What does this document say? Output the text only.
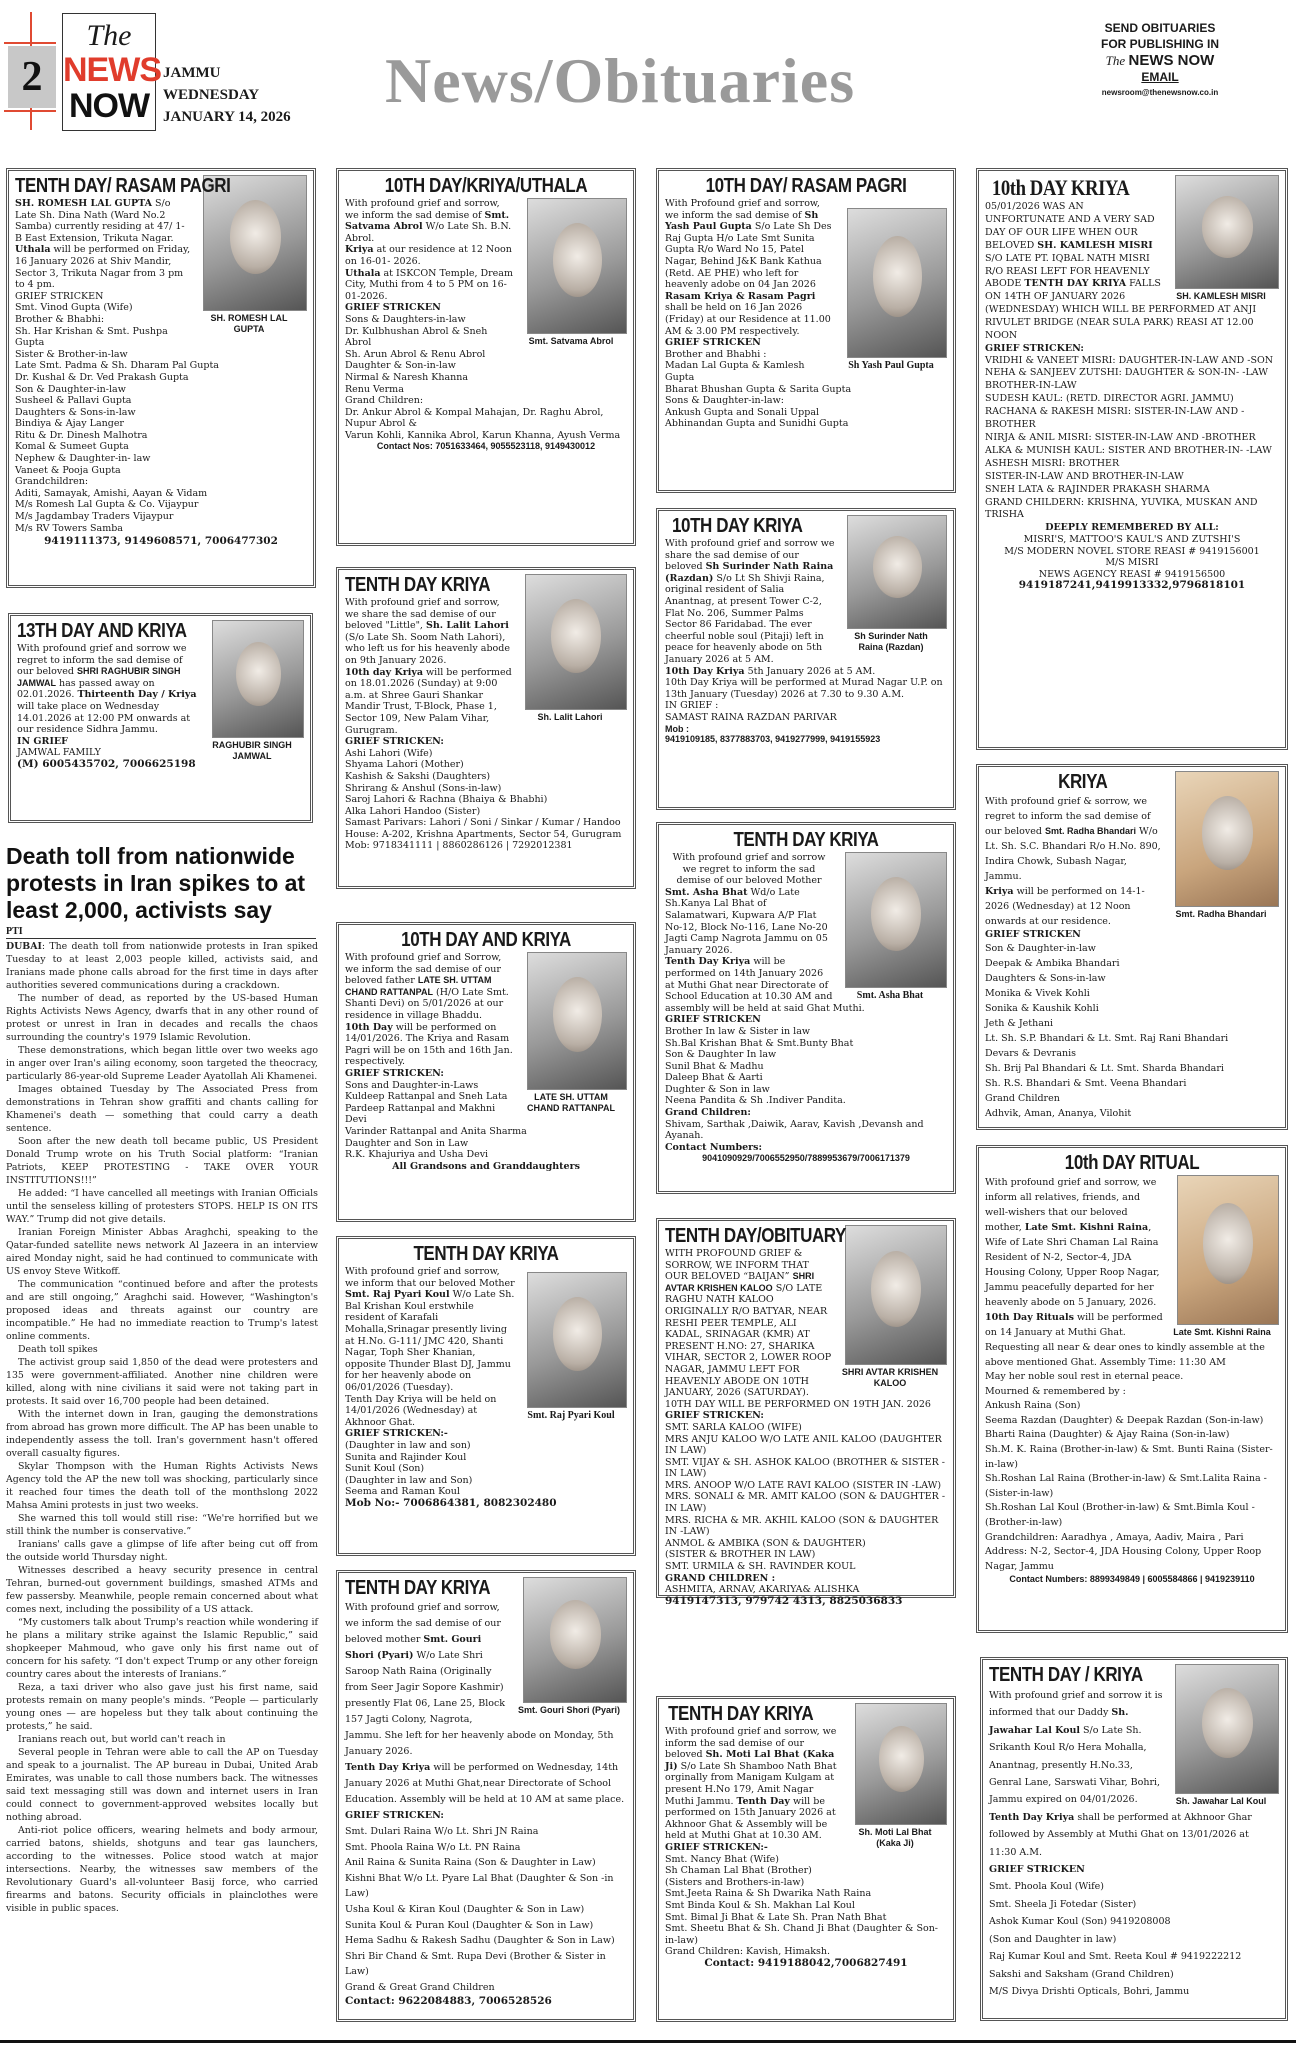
2
The
NEWS
NOW
JAMMU
WEDNESDAY
JANUARY 14, 2026
News/Obituaries
SEND OBITUARIES
FOR PUBLISHING IN
The NEWS NOW
EMAIL
newsroom@thenewsnow.co.in
SH. ROMESH LAL GUPTA
TENTH DAY/ RASAM PAGRI
SH. ROMESH LAL GUPTA S/o Late Sh. Dina Nath (Ward No.2 Samba) currently residing at 47/ 1-B East Extension, Trikuta Nagar. Uthala will be performed on Friday, 16 January 2026 at Shiv Mandir, Sector 3, Trikuta Nagar from 3 pm to 4 pm.
GRIEF STRICKEN
Smt. Vinod Gupta (Wife)
Brother & Bhabhi:
Sh. Har Krishan & Smt. Pushpa Gupta
Sister & Brother-in-law
Late Smt. Padma & Sh. Dharam Pal Gupta
Dr. Kushal & Dr. Ved Prakash Gupta
Son & Daughter-in-law
Susheel & Pallavi Gupta
Daughters & Sons-in-law
Bindiya & Ajay Langer
Ritu & Dr. Dinesh Malhotra
Komal & Sumeet Gupta
Nephew & Daughter-in- law
Vaneet & Pooja Gupta
Grandchildren:
Aditi, Samayak, Amishi, Aayan & Vidam
M/s Romesh Lal Gupta & Co. Vijaypur
M/s Jagdambay Traders Vijaypur
M/s RV Towers Samba
9419111373, 9149608571, 7006477302
RAGHUBIR SINGH JAMWAL
13TH DAY AND KRIYA
With profound grief and sorrow we regret to inform the sad demise of our beloved SHRI RAGHUBIR SINGH JAMWAL has passed away on 02.01.2026. Thirteenth Day / Kriya will take place on Wednesday 14.01.2026 at 12:00 PM onwards at our residence Sidhra Jammu.
IN GRIEF
JAMWAL FAMILY
(M) 6005435702, 7006625198
Death toll from nationwide protests in Iran spikes to at least 2,000, activists say
PTI

DUBAI: The death toll from nationwide protests in Iran spiked Tuesday to at least 2,003 people killed, activists said, and Iranians made phone calls abroad for the first time in days after authorities severed communications during a crackdown.

The number of dead, as reported by the US-based Human Rights Activists News Agency, dwarfs that in any other round of protest or unrest in Iran in decades and recalls the chaos surrounding the country's 1979 Islamic Revolution.

These demonstrations, which began little over two weeks ago in anger over Iran's ailing economy, soon targeted the theocracy, particularly 86-year-old Supreme Leader Ayatollah Ali Khamenei.

Images obtained Tuesday by The Associated Press from demonstrations in Tehran show graffiti and chants calling for Khamenei's death — something that could carry a death sentence.

Soon after the new death toll became public, US President Donald Trump wrote on his Truth Social platform: “Iranian Patriots, KEEP PROTESTING - TAKE OVER YOUR INSTITUTIONS!!!”

He added: “I have cancelled all meetings with Iranian Officials until the senseless killing of protesters STOPS. HELP IS ON ITS WAY.” Trump did not give details.

Iranian Foreign Minister Abbas Araghchi, speaking to the Qatar-funded satellite news network Al Jazeera in an interview aired Monday night, said he had continued to communicate with US envoy Steve Witkoff.

The communication “continued before and after the protests and are still ongoing,” Araghchi said. However, “Washington's proposed ideas and threats against our country are incompatible.” He had no immediate reaction to Trump's latest online comments.

Death toll spikes

The activist group said 1,850 of the dead were protesters and 135 were government-affiliated. Another nine children were killed, along with nine civilians it said were not taking part in protests. It said over 16,700 people had been detained.

With the internet down in Iran, gauging the demonstrations from abroad has grown more difficult. The AP has been unable to independently assess the toll. Iran's government hasn't offered overall casualty figures.

Skylar Thompson with the Human Rights Activists News Agency told the AP the new toll was shocking, particularly since it reached four times the death toll of the monthslong 2022 Mahsa Amini protests in just two weeks.

She warned this toll would still rise: “We're horrified but we still think the number is conservative.”

Iranians' calls gave a glimpse of life after being cut off from the outside world Thursday night.

Witnesses described a heavy security presence in central Tehran, burned-out government buildings, smashed ATMs and few passersby. Meanwhile, people remain concerned about what comes next, including the possibility of a US attack.

“My customers talk about Trump's reaction while wondering if he plans a military strike against the Islamic Republic,” said shopkeeper Mahmoud, who gave only his first name out of concern for his safety. “I don't expect Trump or any other foreign country cares about the interests of Iranians.”

Reza, a taxi driver who also gave just his first name, said protests remain on many people's minds. “People — particularly young ones — are hopeless but they talk about continuing the protests,” he said.

Iranians reach out, but world can't reach in

Several people in Tehran were able to call the AP on Tuesday and speak to a journalist. The AP bureau in Dubai, United Arab Emirates, was unable to call those numbers back. The witnesses said text messaging still was down and internet users in Iran could connect to government-approved websites locally but nothing abroad.

Anti-riot police officers, wearing helmets and body armour, carried batons, shields, shotguns and tear gas launchers, according to the witnesses. Police stood watch at major intersections. Nearby, the witnesses saw members of the Revolutionary Guard's all-volunteer Basij force, who carried firearms and batons. Security officials in plainclothes were visible in public spaces.

10TH DAY/KRIYA/UTHALA
Smt. Satvama Abrol
With profound grief and sorrow, we inform the sad demise of Smt. Satvama Abrol W/o Late Sh. B.N. Abrol.
Kriya at our residence at 12 Noon on 16-01- 2026.
Uthala at ISKCON Temple, Dream City, Muthi from 4 to 5 PM on 16-01-2026.
GRIEF STRICKEN
Sons & Daughters-in-law
Dr. Kulbhushan Abrol & Sneh Abrol
Sh. Arun Abrol & Renu Abrol
Daughter & Son-in-law
Nirmal & Naresh Khanna
Renu Verma
Grand Children:
Dr. Ankur Abrol & Kompal Mahajan, Dr. Raghu Abrol, Nupur Abrol &
Varun Kohli, Kannika Abrol, Karun Khanna, Ayush Verma
Contact Nos: 7051633464, 9055523118, 9149430012
Sh. Lalit Lahori
TENTH DAY KRIYA
With profound grief and sorrow, we share the sad demise of our beloved "Little", Sh. Lalit Lahori (S/o Late Sh. Soom Nath Lahori), who left us for his heavenly abode on 9th January 2026.
10th day Kriya will be performed on 18.01.2026 (Sunday) at 9:00 a.m. at Shree Gauri Shankar Mandir Trust, T-Block, Phase 1, Sector 109, New Palam Vihar, Gurugram.
GRIEF STRICKEN:
Ashi Lahori (Wife)
Shyama Lahori (Mother)
Kashish & Sakshi (Daughters)
Shrirang & Anshul (Sons-in-law)
Saroj Lahori & Rachna (Bhaiya & Bhabhi)
Alka Lahori Handoo (Sister)
Samast Parivars: Lahori / Soni / Sinkar / Kumar / Handoo
House: A-202, Krishna Apartments, Sector 54, Gurugram
Mob: 9718341111 | 8860286126 | 7292012381
10TH DAY AND KRIYA
LATE SH. UTTAM CHAND RATTANPAL
With profound grief and Sorrow, we inform the sad demise of our beloved father LATE SH. UTTAM CHAND RATTANPAL (H/O Late Smt. Shanti Devi) on 5/01/2026 at our residence in village Bhaddu.
10th Day will be performed on 14/01/2026. The Kriya and Rasam Pagri will be on 15th and 16th Jan. respectively.
GRIEF STRICKEN:
Sons and Daughter-in-Laws
Kuldeep Rattanpal and Sneh Lata
Pardeep Rattanpal and Makhni Devi
Varinder Rattanpal and Anita Sharma
Daughter and Son in Law
R.K. Khajuriya and Usha Devi
All Grandsons and Granddaughters
TENTH DAY KRIYA
Smt. Raj Pyari Koul
With profound grief and sorrow, we inform that our beloved Mother Smt. Raj Pyari Koul W/o Late Sh. Bal Krishan Koul erstwhile resident of Karafali Mohalla,Srinagar presently living at H.No. G-111/ JMC 420, Shanti Nagar, Toph Sher Khanian, opposite Thunder Blast DJ, Jammu for her heavenly abode on 06/01/2026 (Tuesday).
Tenth Day Kriya will be held on 14/01/2026 (Wednesday) at Akhnoor Ghat.
GRIEF STRICKEN:-
(Daughter in law and son)
Sunita and Rajinder Koul
Sunit Koul (Son)
(Daughter in law and Son)
Seema and Raman Koul
Mob No:- 7006864381, 8082302480
Smt. Gouri Shori (Pyari)
TENTH DAY KRIYA
With profound grief and sorrow, we inform the sad demise of our beloved mother Smt. Gouri Shori (Pyari) W/o Late Shri Saroop Nath Raina (Originally from Seer Jagir Sopore Kashmir) presently Flat 06, Lane 25, Block 157 Jagti Colony, Nagrota, Jammu. She left for her heavenly abode on Monday, 5th January 2026.
Tenth Day Kriya will be performed on Wednesday, 14th January 2026 at Muthi Ghat,near Directorate of School Education. Assembly will be held at 10 AM at same place.
GRIEF STRICKEN:
Smt. Dulari Raina W/o Lt. Shri JN Raina
Smt. Phoola Raina W/o Lt. PN Raina
Anil Raina & Sunita Raina (Son & Daughter in Law)
Kishni Bhat W/o Lt. Pyare Lal Bhat (Daughter & Son -in Law)
Usha Koul & Kiran Koul (Daughter & Son in Law)
Sunita Koul & Puran Koul (Daughter & Son in Law)
Hema Sadhu & Rakesh Sadhu (Daughter & Son in Law)
Shri Bir Chand & Smt. Rupa Devi (Brother & Sister in Law)
Grand & Great Grand Children
Contact: 9622084883, 7006528526
10TH DAY/ RASAM PAGRI
Sh Yash Paul Gupta
With Profound grief and sorrow, we inform the sad demise of Sh Yash Paul Gupta S/o Late Sh Des Raj Gupta H/o Late Smt Sunita Gupta R/o Ward No 15, Patel Nagar, Behind J&K Bank Kathua (Retd. AE PHE) who left for heavenly adobe on 04 Jan 2026
Rasam Kriya & Rasam Pagri shall be held on 16 Jan 2026 (Friday) at our Residence at 11.00 AM & 3.00 PM respectively.
GRIEF STRICKEN
Brother and Bhabhi :
Madan Lal Gupta & Kamlesh Gupta
Bharat Bhushan Gupta & Sarita Gupta
Sons & Daughter-in-law:
Ankush Gupta and Sonali Uppal
Abhinandan Gupta and Sunidhi Gupta
Sh Surinder Nath Raina (Razdan)
10TH DAY KRIYA
With profound grief and sorrow we share the sad demise of our beloved Sh Surinder Nath Raina (Razdan) S/o Lt Sh Shivji Raina, original resident of Salia Anantnag, at present Tower C-2, Flat No. 206, Summer Palms Sector 86 Faridabad. The ever cheerful noble soul (Pitaji) left in peace for heavenly abode on 5th January 2026 at 5 AM.
10th Day Kriya 5th January 2026 at 5 AM.
10th Day Kriya will be performed at Murad Nagar U.P. on 13th January (Tuesday) 2026 at 7.30 to 9.30 A.M.
IN GRIEF :
SAMAST RAINA RAZDAN PARIVAR
Mob :
9419109185, 8377883703, 9419277999, 9419155923
TENTH DAY KRIYA
Smt. Asha Bhat
With profound grief and sorrow we regret to inform the sad demise of our beloved Mother
Smt. Asha Bhat Wd/o Late Sh.Kanya Lal Bhat of Salamatwari, Kupwara A/P Flat No-12, Block No-116, Lane No-20 Jagti Camp Nagrota Jammu on 05 January 2026.
Tenth Day Kriya will be performed on 14th January 2026 at Muthi Ghat near Directorate of School Education at 10.30 AM and assembly will be held at said Ghat Muthi.
GRIEF STRICKEN
Brother In law & Sister in law
Sh.Bal Krishan Bhat & Smt.Bunty Bhat
Son & Daughter In law
Sunil Bhat & Madhu
Daleep Bhat & Aarti
Dughter & Son in law
Neena Pandita & Sh .Indiver Pandita.
Grand Children:
Shivam, Sarthak ,Daiwik, Aarav, Kavish ,Devansh and Ayanah.
Contact Numbers:
9041090929/7006552950/7889953679/7006171379
SHRI AVTAR KRISHEN KALOO
TENTH DAY/OBITUARY
WITH PROFOUND GRIEF & SORROW, WE INFORM THAT OUR BELOVED “BAIJAN” SHRI AVTAR KRISHEN KALOO S/O LATE RAGHU NATH KALOO ORIGINALLY R/O BATYAR, NEAR RESHI PEER TEMPLE, ALI KADAL, SRINAGAR (KMR) AT PRESENT H.NO: 27, SHARIKA VIHAR, SECTOR 2, LOWER ROOP NAGAR, JAMMU LEFT FOR HEAVENLY ABODE ON 10TH JANUARY, 2026 (SATURDAY).
10TH DAY WILL BE PERFORMED ON 19TH JAN. 2026
GRIEF STRICKEN:
SMT. SARLA KALOO (WIFE)
MRS ANJU KALOO W/O LATE ANIL KALOO (DAUGHTER IN LAW)
SMT. VIJAY & SH. ASHOK KALOO (BROTHER & SISTER -IN LAW)
MRS. ANOOP W/O LATE RAVI KALOO (SISTER IN -LAW)
MRS. SONALI & MR. AMIT KALOO (SON & DAUGHTER -IN LAW)
MRS. RICHA & MR. AKHIL KALOO (SON & DAUGHTER IN -LAW)
ANMOL & AMBIKA (SON & DAUGHTER)
(SISTER & BROTHER IN LAW)
SMT. URMILA & SH. RAVINDER KOUL
GRAND CHILDREN :
ASHMITA, ARNAV, AKARIYA& ALISHKA
9419147313, 979742 4313, 8825036833
Sh. Moti Lal Bhat (Kaka Ji)
TENTH DAY KRIYA
With profound grief and sorrow, we inform the sad demise of our beloved Sh. Moti Lal Bhat (Kaka Ji) S/o Late Sh Shamboo Nath Bhat orginally from Manigam Kulgam at present H.No 179, Amit Nagar Muthi Jammu. Tenth Day will be performed on 15th January 2026 at Akhnoor Ghat & Assembly will be held at Muthi Ghat at 10.30 AM.
GRIEF STRICKEN:-
Smt. Nancy Bhat (Wife)
Sh Chaman Lal Bhat (Brother)
(Sisters and Brothers-in-law)
Smt.Jeeta Raina & Sh Dwarika Nath Raina
Smt Binda Koul & Sh. Makhan Lal Koul
Smt. Bimal Ji Bhat & Late Sh. Pran Nath Bhat
Smt. Sheetu Bhat & Sh. Chand Ji Bhat (Daughter & Son-in-law)
Grand Children: Kavish, Himaksh.
Contact: 9419188042,7006827491
SH. KAMLESH MISRI
10th DAY KRIYA
05/01/2026 WAS AN UNFORTUNATE AND A VERY SAD DAY OF OUR LIFE WHEN OUR BELOVED SH. KAMLESH MISRI S/O LATE PT. IQBAL NATH MISRI R/O REASI LEFT FOR HEAVENLY ABODE TENTH DAY KRIYA FALLS ON 14TH OF JANUARY 2026 (WEDNESDAY) WHICH WILL BE PERFORMED AT ANJI RIVULET BRIDGE (NEAR SULA PARK) REASI AT 12.00 NOON
GRIEF STRICKEN:
VRIDHI & VANEET MISRI: DAUGHTER-IN-LAW AND -SON
NEHA & SANJEEV ZUTSHI: DAUGHTER & SON-IN- -LAW
BROTHER-IN-LAW
SUDESH KAUL: (RETD. DIRECTOR AGRI. JAMMU)
RACHANA & RAKESH MISRI: SISTER-IN-LAW AND -BROTHER
NIRJA & ANIL MISRI: SISTER-IN-LAW AND -BROTHER
ALKA & MUNISH KAUL: SISTER AND BROTHER-IN- -LAW
ASHESH MISRI: BROTHER
SISTER-IN-LAW AND BROTHER-IN-LAW
SNEH LATA & RAJINDER PRAKASH SHARMA
GRAND CHILDERN: KRISHNA, YUVIKA, MUSKAN AND TRISHA
DEEPLY REMEMBERED BY ALL:
MISRI'S, MATTOO'S KAUL'S AND ZUTSHI'S
M/S MODERN NOVEL STORE REASI # 9419156001
M/S MISRI
NEWS AGENCY REASI # 9419156500
9419187241,9419913332,9796818101
Smt. Radha Bhandari
KRIYA
With profound grief & sorrow, we regret to inform the sad demise of our beloved Smt. Radha Bhandari W/o Lt. Sh. S.C. Bhandari R/o H.No. 890, Indira Chowk, Subash Nagar, Jammu.
Kriya will be performed on 14-1-2026 (Wednesday) at 12 Noon onwards at our residence.
GRIEF STRICKEN
Son & Daughter-in-law
Deepak & Ambika Bhandari
Daughters & Sons-in-law
Monika & Vivek Kohli
Sonika & Kaushik Kohli
Jeth & Jethani
Lt. Sh. S.P. Bhandari & Lt. Smt. Raj Rani Bhandari
Devars & Devranis
Sh. Brij Pal Bhandari & Lt. Smt. Sharda Bhandari
Sh. R.S. Bhandari & Smt. Veena Bhandari
Grand Children
Adhvik, Aman, Ananya, Vilohit
10th DAY RITUAL
Late Smt. Kishni Raina
With profound grief and sorrow, we inform all relatives, friends, and well-wishers that our beloved mother, Late Smt. Kishni Raina, Wife of Late Shri Chaman Lal Raina Resident of N-2, Sector-4, JDA Housing Colony, Upper Roop Nagar, Jammu peacefully departed for her heavenly abode on 5 January, 2026.
10th Day Rituals will be performed on 14 January at Muthi Ghat. Requesting all near & dear ones to kindly assemble at the above mentioned Ghat. Assembly Time: 11:30 AM
May her noble soul rest in eternal peace.
Mourned & remembered by :
Ankush Raina (Son)
Seema Razdan (Daughter) & Deepak Razdan (Son-in-law)
Bharti Raina (Daughter) & Ajay Raina (Son-in-law)
Sh.M. K. Raina (Brother-in-law) & Smt. Bunti Raina (Sister-in-law)
Sh.Roshan Lal Raina (Brother-in-law) & Smt.Lalita Raina -(Sister-in-law)
Sh.Roshan Lal Koul (Brother-in-law) & Smt.Bimla Koul -(Brother-in-law)
Grandchildren: Aaradhya , Amaya, Aadiv, Maira , Pari
Address: N-2, Sector-4, JDA Housing Colony, Upper Roop Nagar, Jammu
Contact Numbers: 8899349849 | 6005584866 | 9419239110
Sh. Jawahar Lal Koul
TENTH DAY / KRIYA
With profound grief and sorrow it is informed that our Daddy Sh. Jawahar Lal Koul S/o Late Sh. Srikanth Koul R/o Hera Mohalla, Anantnag, presently H.No.33, Genral Lane, Sarswati Vihar, Bohri, Jammu expired on 04/01/2026.
Tenth Day Kriya shall be performed at Akhnoor Ghar followed by Assembly at Muthi Ghat on 13/01/2026 at 11:30 A.M.
GRIEF STRICKEN
Smt. Phoola Koul (Wife)
Smt. Sheela Ji Fotedar (Sister)
Ashok Kumar Koul (Son) 9419208008
(Son and Daughter in law)
Raj Kumar Koul and Smt. Reeta Koul # 9419222212
Sakshi and Saksham (Grand Children)
M/S Divya Drishti Opticals, Bohri, Jammu
